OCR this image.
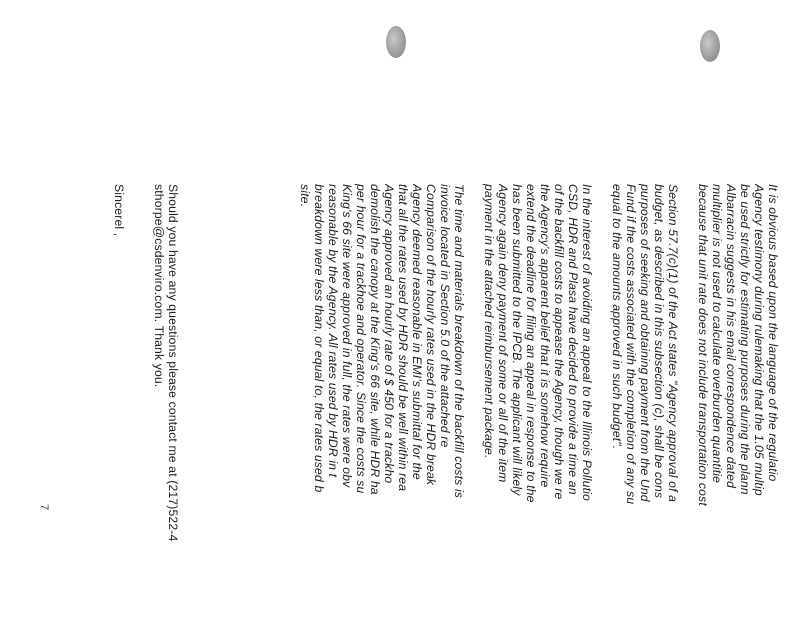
It is obvious based upon the language of the regulatio
Agency testimony during rulemaking that the 1.05 multip
be used strictly for estimating purposes during the plann
Albarracin suggests in his email correspondence dated
multiplier is not used to calculate overburden quantitie
because that unit rate does not include transportation cost
Section 57.7(c)(1) of the Act states "Agency approval of a
budget, as described in this subsection (c), shall be cons
purposes of seeking and obtaining payment from the Und
Fund if the costs associated with the completion of any su
equal to the amounts approved in such budget".
In the interest of avoiding an appeal to the Illinois Pollutio
CSD, HDR and Plasa have decided to provide a time an
of the backfill costs to appease the Agency, though we re
the Agency's apparent belief that it is somehow require
extend the deadline for filing an appeal in response to the
has been submitted to the IPCB. The applicant will likely
Agency again deny payment of some or all of the item
payment in the attached reimbursement package.
The time and materials breakdown of the backfill costs is
invoice located in Section 5.0 of the attached re
Comparison of the hourly rates used in the HDR break
Agency deemed reasonable in EMI's submittal for the
that all the rates used by HDR should be well within rea
Agency approved an hourly rate of $ 450 for a trackho
demolish the canopy at the King's 66 site, while HDR ha
per hour for a trackhoe and operator. Since the costs su
King's 66 site were approved in full, the rates were obv
reasonable by the Agency. All rates used by HDR in t
breakdown were less than, or equal to, the rates used b
site.
Should you have any questions please contact me at (217)522-4
sthorpe@csdenviro.com. Thank you.
Sincerel ,
7
